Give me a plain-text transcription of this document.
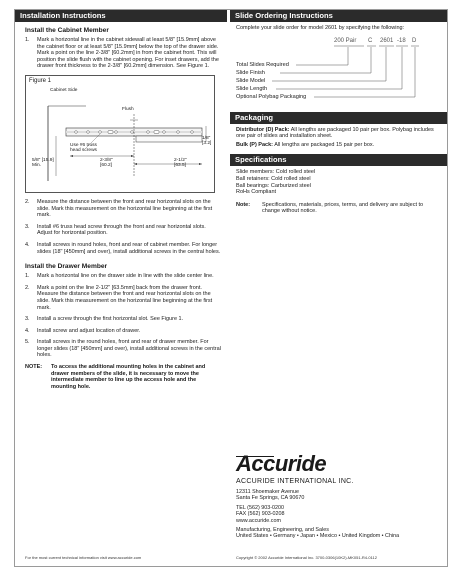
Installation Instructions
Install the Cabinet Member
1.	Mark a horizontal line in the cabinet sidewall at least 5/8" [15.9mm] above the cabinet floor or at least 5/8" [15.9mm] below the top of the drawer side. Mark a point on the line 2-3/8" [60.2mm] in from the cabinet front. This will position the slide flush with the cabinet opening. For inset drawers, add the drawer front thickness to the 2-3/8" [60.2mm] dimension. See Figure 1.
Figure 1
Cabinet Side
Flush
Use #6 truss head screws
5/8" [15.9] Min.
2-3/8" [60.2]
2-1/2" [63.5]
1/8" [3.2]
2.	Measure the distance between the front and rear horizontal slots on the slide. Mark this measurement on the horizontal line beginning at the first mark.
3.	Install #6 truss head screw through the front and rear horizontal slots. Adjust for horizontal position.
4.	Install screws in round holes, front and rear of cabinet member. For longer slides (18" [450mm] and over), install additional screws in the central holes.
Install the Drawer Member
1.	Mark a horizontal line on the drawer side in line with the slide center line.
2.	Mark a point on the line 2-1/2" [63.5mm] back from the drawer front. Measure the distance between the front and rear horizontal slots on the slide. Mark this measurement on the horizontal line beginning at the first mark.
3.	Install a screw through the first horizontal slot. See Figure 1.
4.	Install screw and adjust location of drawer.
5.	Install screws in the round holes, front and rear of drawer member. For longer slides (18" [450mm] and over), install additional screws in the central holes.
NOTE:	To access the additional mounting holes in the cabinet and drawer members of the slide, it is necessary to move the intermediate member to line up the access hole and the mounting hole.
For the most current technical information visit www.accuride.com
Slide Ordering Instructions
Complete your slide order for model 2601 by specifying the following:
200 Pair C 2601 -18 D
Total Slides Required
Slide Finish
Slide Model
Slide Length
Optional Polybag Packaging
Packaging
Distributor (D) Pack: All lengths are packaged 10 pair per box. Polybag includes one pair of slides and installation sheet.
Bulk (P) Pack: All lengths are packaged 15 pair per box.
Specifications
Slide members: Cold rolled steel
Ball retainers: Cold rolled steel
Ball bearings: Carburized steel
RoHs Compliant
Note:	Specifications, materials, prices, terms, and delivery are subject to change without notice.
Accuride
ACCURIDE INTERNATIONAL INC.
12311 Shoemaker Avenue
Santa Fe Springs, CA 90670
TEL (562) 903-0200
FAX (562) 903-0208
www.accuride.com
Manufacturing, Engineering, and Sales
United States • Germany • Japan • Mexico • United Kingdom • China
Copyright © 2002 Accuride International Inc. 3700-0306(10K2)-MK051-R4-0112
